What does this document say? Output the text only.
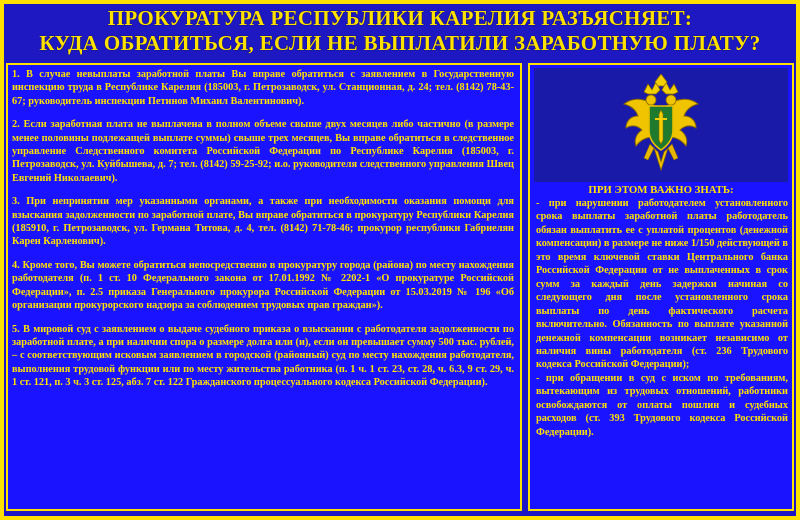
ПРОКУРАТУРА РЕСПУБЛИКИ КАРЕЛИЯ РАЗЪЯСНЯЕТ:
КУДА ОБРАТИТЬСЯ, ЕСЛИ НЕ ВЫПЛАТИЛИ ЗАРАБОТНУЮ ПЛАТУ?

1. В случае невыплаты заработной платы Вы вправе обратиться с заявлением в Государственную инспекцию труда в Республике Карелия (185003, г. Петрозаводск, ул. Станционная, д. 24; тел. (8142) 78-43-67; руководитель инспекции Петинов Михаил Валентинович).

2. Если заработная плата не выплачена в полном объеме свыше двух месяцев либо частично (в размере менее половины подлежащей выплате суммы) свыше трех месяцев, Вы вправе обратиться в следственное управление Следственного комитета Российской Федерации по Республике Карелия (185003, г. Петрозаводск, ул. Куйбышева, д. 7; тел. (8142) 59-25-92; и.о. руководителя следственного управления Швец Евгений Николаевич).

3. При непринятии мер указанными органами, а также при необходимости оказания помощи для взыскания задолженности по заработной плате, Вы вправе обратиться в прокуратуру Республики Карелия (185910, г. Петрозаводск, ул. Германа Титова, д. 4, тел. (8142) 71-78-46; прокурор республики Габриелян Карен Карленович).

4. Кроме того, Вы можете обратиться непосредственно в прокуратуру города (района) по месту нахождения работодателя (п. 1 ст. 10 Федерального закона от 17.01.1992 № 2202-1 «О прокуратуре Российской Федерации», п. 2.5 приказа Генерального прокурора Российской Федерации от 15.03.2019 № 196 «Об организации прокурорского надзора за соблюдением трудовых прав граждан»).

5. В мировой суд с заявлением о выдаче судебного приказа о взыскании с работодателя задолженности по заработной плате, а при наличии спора о размере долга или (и), если он превышает сумму 500 тыс. рублей, – с соответствующим исковым заявлением в городской (районный) суд по месту нахождения работодателя, выполнения трудовой функции или по месту жительства работника (п. 1 ч. 1 ст. 23, ст. 28, ч. 6.3, 9 ст. 29, ч. 1 ст. 121, п. 3 ч. 3 ст. 125, абз. 7 ст. 122 Гражданского процессуального кодекса Российской Федерации).

ПРИ ЭТОМ ВАЖНО ЗНАТЬ:

- при нарушении работодателем установленного срока выплаты заработной платы работодатель обязан выплатить ее с уплатой процентов (денежной компенсации) в размере не ниже 1/150 действующей в это время ключевой ставки Центрального банка Российской Федерации от не выплаченных в срок сумм за каждый день задержки начиная со следующего дня после установленного срока выплаты по день фактического расчета включительно. Обязанность по выплате указанной денежной компенсации возникает независимо от наличия вины работодателя (ст. 236 Трудового кодекса Российской Федерации);

- при обращении в суд с иском по требованиям, вытекающим из трудовых отношений, работники освобождаются от оплаты пошлин и судебных расходов (ст. 393 Трудового кодекса Российской Федерации).
